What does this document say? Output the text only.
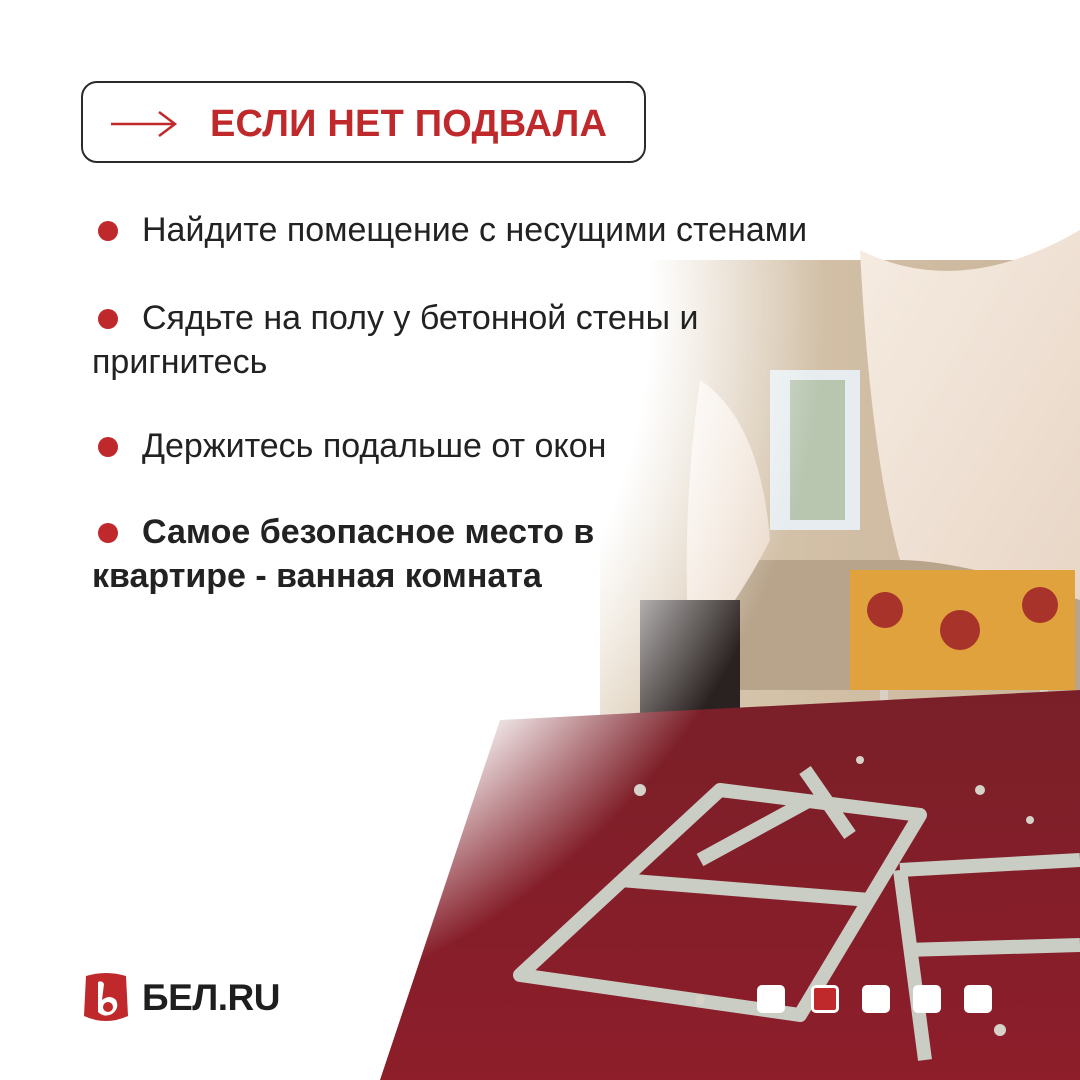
ЕСЛИ НЕТ ПОДВАЛА
Найдите помещение с несущими стенами
Сядьте на полу у бетонной стены и пригнитесь
Держитесь подальше от окон
Самое безопасное место в квартире - ванная комната
БЕЛ.RU
